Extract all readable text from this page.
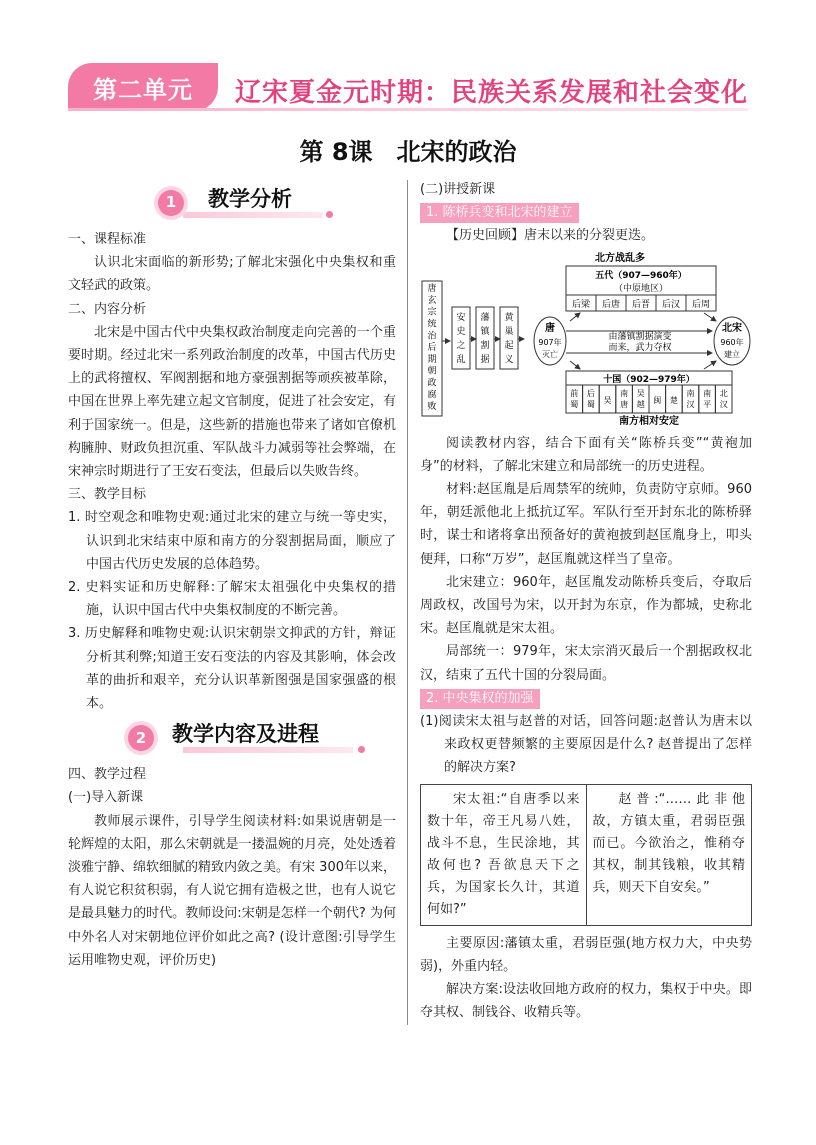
第二单元	辽宋夏金元时期：民族关系发展和社会变化
第 8课　北宋的政治
1	教学分析

一、课程标准

认识北宋面临的新形势;了解北宋强化中央集权和重文轻武的政策。

二、内容分析

北宋是中国古代中央集权政治制度走向完善的一个重要时期。经过北宋一系列政治制度的改革，中国古代历史上的武将擅权、军阀割据和地方豪强割据等顽疾被革除，中国在世界上率先建立起文官制度，促进了社会安定，有利于国家统一。但是，这些新的措施也带来了诸如官僚机构臃肿、财政负担沉重、军队战斗力减弱等社会弊端，在宋神宗时期进行了王安石变法，但最后以失败告终。

三、教学目标

1. 时空观念和唯物史观:通过北宋的建立与统一等史实，认识到北宋结束中原和南方的分裂割据局面，顺应了中国古代历史发展的总体趋势。

2. 史料实证和历史解释:了解宋太祖强化中央集权的措施，认识中国古代中央集权制度的不断完善。

3. 历史解释和唯物史观:认识宋朝崇文抑武的方针，辩证分析其利弊;知道王安石变法的内容及其影响，体会改革的曲折和艰辛，充分认识革新图强是国家强盛的根本。

2	教学内容及进程

四、教学过程

(一)导入新课

教师展示课件，引导学生阅读材料:如果说唐朝是一轮辉煌的太阳，那么宋朝就是一搂温婉的月亮，处处透着淡雅宁静、绵软细腻的精致内敛之美。有宋 300年以来，有人说它积贫积弱，有人说它拥有造极之世，也有人说它是最具魅力的时代。教师设问:宋朝是怎样一个朝代? 为何中外名人对宋朝地位评价如此之高? (设计意图:引导学生运用唯物史观，评价历史)

(二)讲授新课

1. 陈桥兵变和北宋的建立

【历史回顾】唐末以来的分裂更迭。

北方战乱多
五代（907—960年）
（中原地区）
后梁 后唐 后晋 后汉 后周
唐
玄
宗
统
治
后
期
朝
政
腐
败
安
史
之
乱
藩
镇
割
据
黄
巢
起
义
唐
907年
灭亡
北宋
960年
建立
由藩镇割据演变
而来，武力夺权
十国（902—979年）
前
蜀
后
蜀 吴
南
唐
吴
越 闽 楚
南
汉
南
平
北
汉
南方相对安定

阅读教材内容，结合下面有关“陈桥兵变”“黄袍加身”的材料，了解北宋建立和局部统一的历史进程。

材料:赵匡胤是后周禁军的统帅，负责防守京师。960年，朝廷派他北上抵抗辽军。军队行至开封东北的陈桥驿时，谋士和诸将拿出预备好的黄袍披到赵匡胤身上，叩头便拜，口称“万岁”，赵匡胤就这样当了皇帝。

北宋建立：960年，赵匡胤发动陈桥兵变后，夺取后周政权，改国号为宋，以开封为东京，作为都城，史称北宋。赵匡胤就是宋太祖。

局部统一：979年，宋太宗消灭最后一个割据政权北汉，结束了五代十国的分裂局面。

2. 中央集权的加强

(1)阅读宋太祖与赵普的对话，回答问题:赵普认为唐末以来政权更替频繁的主要原因是什么? 赵普提出了怎样的解决方案?

宋太祖:“自唐季以来数十年，帝王凡易八姓，战斗不息，生民涂地，其故何也? 吾欲息天下之兵，为国家长久计，其道何如?”	赵普:“……此非他故，方镇太重，君弱臣强而已。今欲治之，惟稍夺其权，制其钱粮，收其精兵，则天下自安矣。”

主要原因:藩镇太重，君弱臣强(地方权力大，中央势弱)，外重内轻。

解决方案:设法收回地方政府的权力，集权于中央。即夺其权、制钱谷、收精兵等。
